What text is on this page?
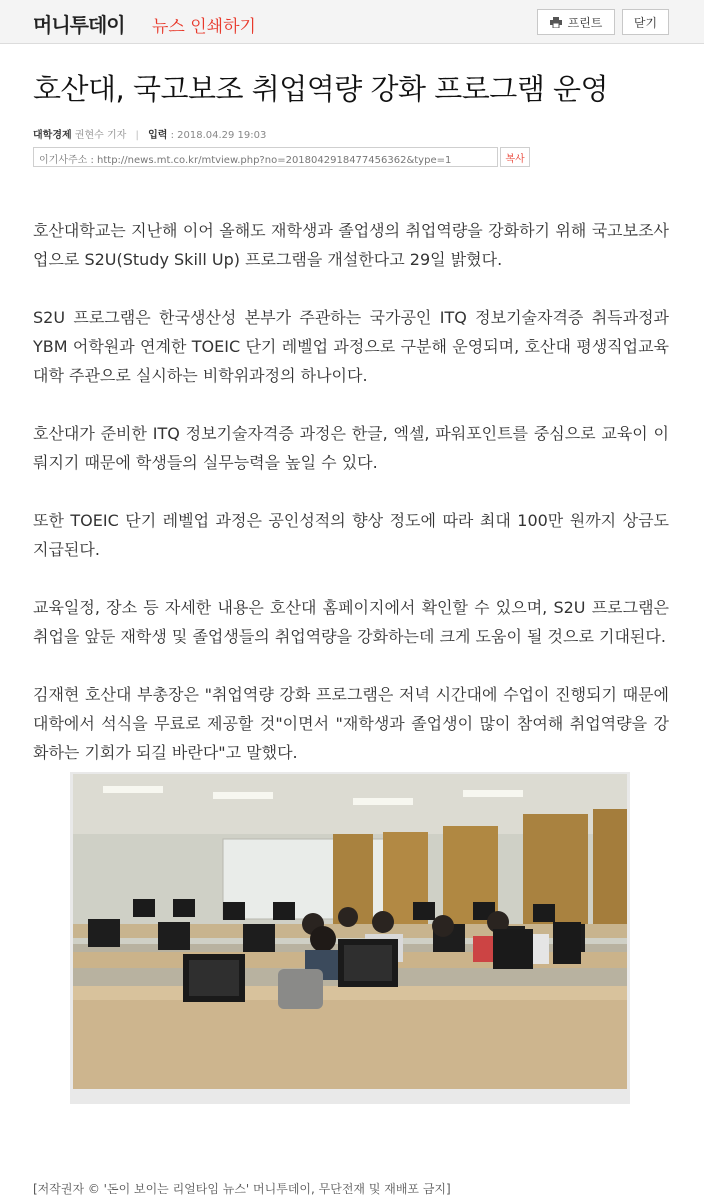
머니투데이 뉴스 인쇄하기	프린트	닫기
호산대, 국고보조 취업역량 강화 프로그램 운영
대학경제 권현수 기자 | 입력 : 2018.04.29 19:03
이기사주소 : http://news.mt.co.kr/mtview.php?no=2018042918477456362&type=1	복사

호산대학교는 지난해 이어 올해도 재학생과 졸업생의 취업역량을 강화하기 위해 국고보조사업으로 S2U(Study Skill Up) 프로그램을 개설한다고 29일 밝혔다.

S2U 프로그램은 한국생산성 본부가 주관하는 국가공인 ITQ 정보기술자격증 취득과정과 YBM 어학원과 연계한 TOEIC 단기 레벨업 과정으로 구분해 운영되며, 호산대 평생직업교육대학 주관으로 실시하는 비학위과정의 하나이다.

호산대가 준비한 ITQ 정보기술자격증 과정은 한글, 엑셀, 파워포인트를 중심으로 교육이 이뤄지기 때문에 학생들의 실무능력을 높일 수 있다.

또한 TOEIC 단기 레벨업 과정은 공인성적의 향상 정도에 따라 최대 100만 원까지 상금도 지급된다.

교육일정, 장소 등 자세한 내용은 호산대 홈페이지에서 확인할 수 있으며, S2U 프로그램은 취업을 앞둔 재학생 및 졸업생들의 취업역량을 강화하는데 크게 도움이 될 것으로 기대된다.

김재현 호산대 부총장은 "취업역량 강화 프로그램은 저녁 시간대에 수업이 진행되기 때문에 대학에서 석식을 무료로 제공할 것"이면서 "재학생과 졸업생이 많이 참여해 취업역량을 강화하는 기회가 되길 바란다"고 말했다.

[저작권자 © '돈이 보이는 리얼타임 뉴스' 머니투데이, 무단전재 및 재배포 금지]
